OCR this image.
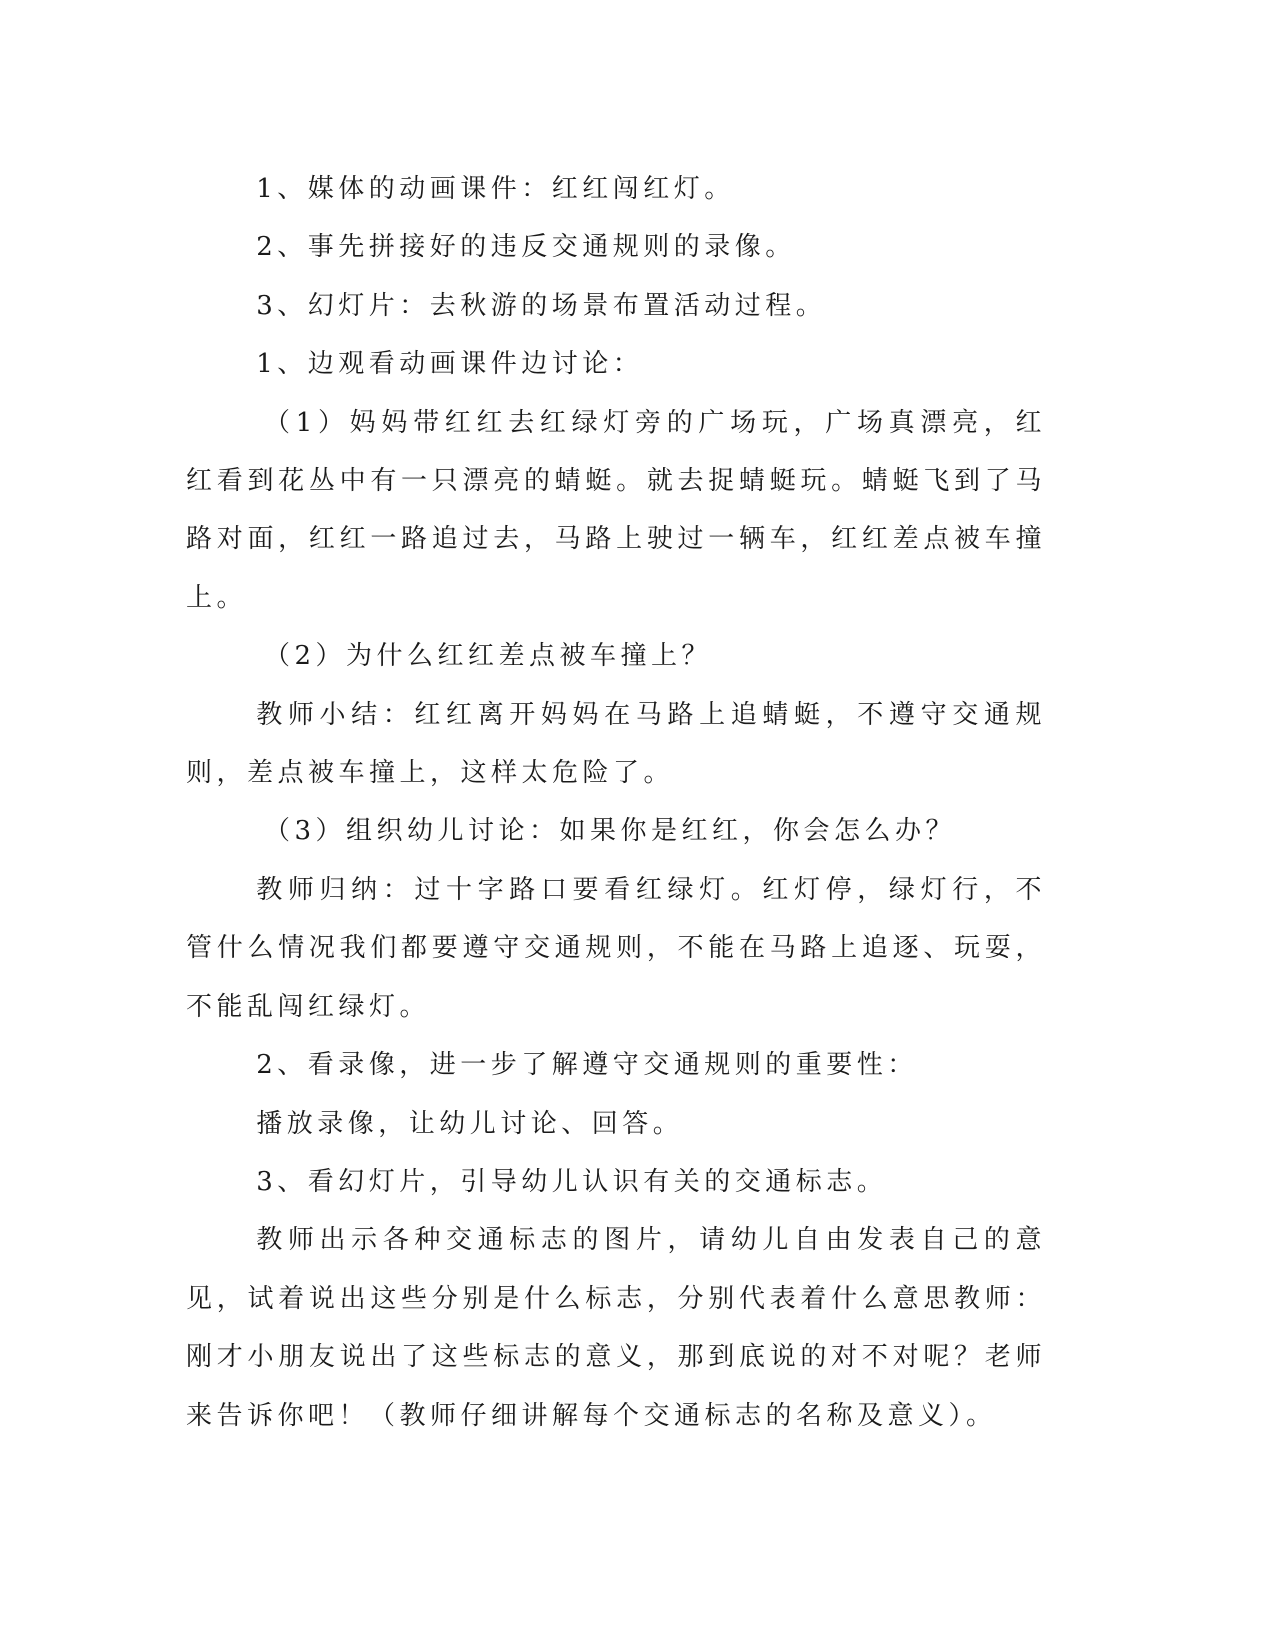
1、媒体的动画课件：红红闯红灯。

2、事先拼接好的违反交通规则的录像。

3、幻灯片：去秋游的场景布置活动过程。

1、边观看动画课件边讨论：

（1）妈妈带红红去红绿灯旁的广场玩，广场真漂亮，红红看到花丛中有一只漂亮的蜻蜓。就去捉蜻蜓玩。蜻蜓飞到了马路对面，红红一路追过去，马路上驶过一辆车，红红差点被车撞上。

（2）为什么红红差点被车撞上？

教师小结：红红离开妈妈在马路上追蜻蜓，不遵守交通规则，差点被车撞上，这样太危险了。

（3）组织幼儿讨论：如果你是红红，你会怎么办？

教师归纳：过十字路口要看红绿灯。红灯停，绿灯行，不管什么情况我们都要遵守交通规则，不能在马路上追逐、玩耍，不能乱闯红绿灯。

2、看录像，进一步了解遵守交通规则的重要性：

播放录像，让幼儿讨论、回答。

3、看幻灯片，引导幼儿认识有关的交通标志。

教师出示各种交通标志的图片，请幼儿自由发表自己的意见，试着说出这些分别是什么标志，分别代表着什么意思教师：刚才小朋友说出了这些标志的意义，那到底说的对不对呢？老师来告诉你吧！（教师仔细讲解每个交通标志的名称及意义）。
